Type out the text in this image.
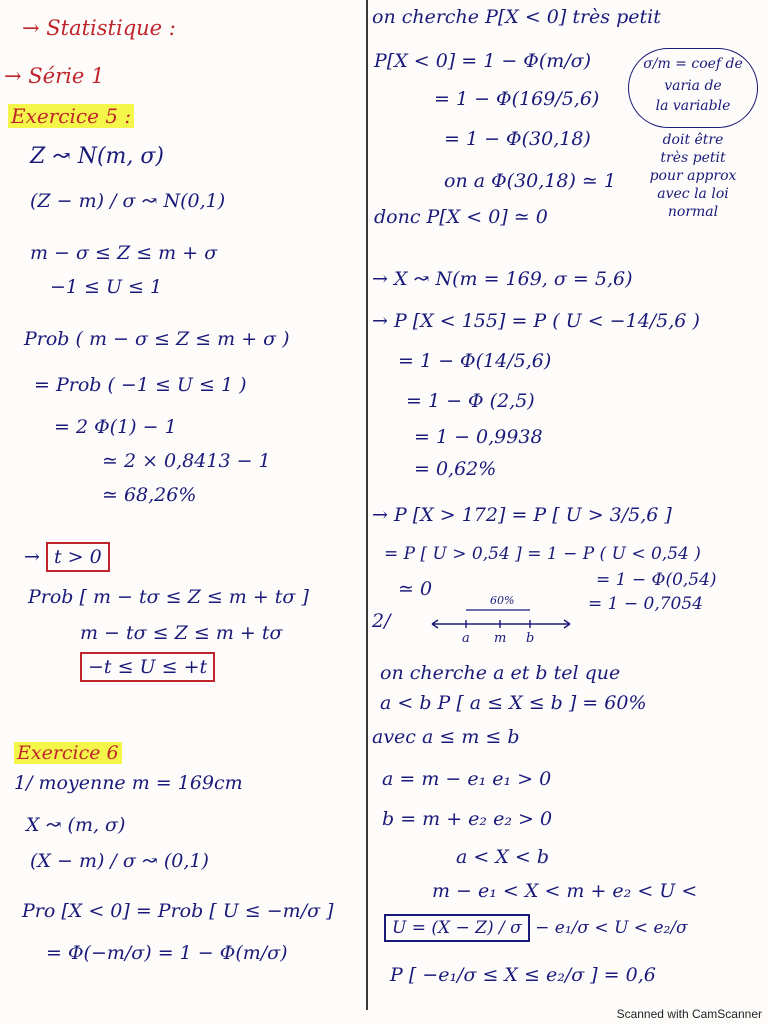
→ Statistique :
→ Série 1
Exercice 5 :
Z ↝ N(m, σ)
(Z − m) / σ ↝ N(0,1)
m − σ ≤ Z ≤ m + σ
−1 ≤ U ≤ 1
Prob ( m − σ ≤ Z ≤ m + σ )
= Prob ( −1 ≤ U ≤ 1 )
= 2 Φ(1) − 1
≃ 2 × 0,8413 − 1
≃ 68,26%
→ t > 0
Prob [ m − tσ ≤ Z ≤ m + tσ ]
m − tσ ≤ Z ≤ m + tσ
−t ≤ U ≤ +t
Exercice 6
1/ moyenne m = 169cm
X ↝ (m, σ)
(X − m) / σ ↝ (0,1)
Pro [X < 0] = Prob [ U ≤ −m/σ ]
= Φ(−m/σ) = 1 − Φ(m/σ)
on cherche P[X < 0] très petit
P[X < 0] = 1 − Φ(m/σ)
= 1 − Φ(169/5,6)
= 1 − Φ(30,18)
on a Φ(30,18) ≃ 1
donc P[X < 0] ≃ 0
σ/m = coef de
varia de
la variable
doit être
très petit
pour approx
avec la loi
normal
→ X ↝ N(m = 169, σ = 5,6)
→ P [X < 155] = P ( U < −14/5,6 )
= 1 − Φ(14/5,6)
= 1 − Φ (2,5)
= 1 − 0,9938
= 0,62%
→ P [X > 172] = P [ U > 3/5,6 ]
= P [ U > 0,54 ] = 1 − P ( U < 0,54 )
≃ 0	= 1 − Φ(0,54)
= 1 − 0,7054
2/
60%
a m b
on cherche a et b tel que
a < b P [ a ≤ X ≤ b ] = 60%
avec a ≤ m ≤ b
a = m − e₁ e₁ > 0
b = m + e₂ e₂ > 0
a < X < b
m − e₁ < X < m + e₂ < U <
U = (X − Z) / σ − e₁/σ < U < e₂/σ
P [ −e₁/σ ≤ X ≤ e₂/σ ] = 0,6
Scanned with CamScanner
